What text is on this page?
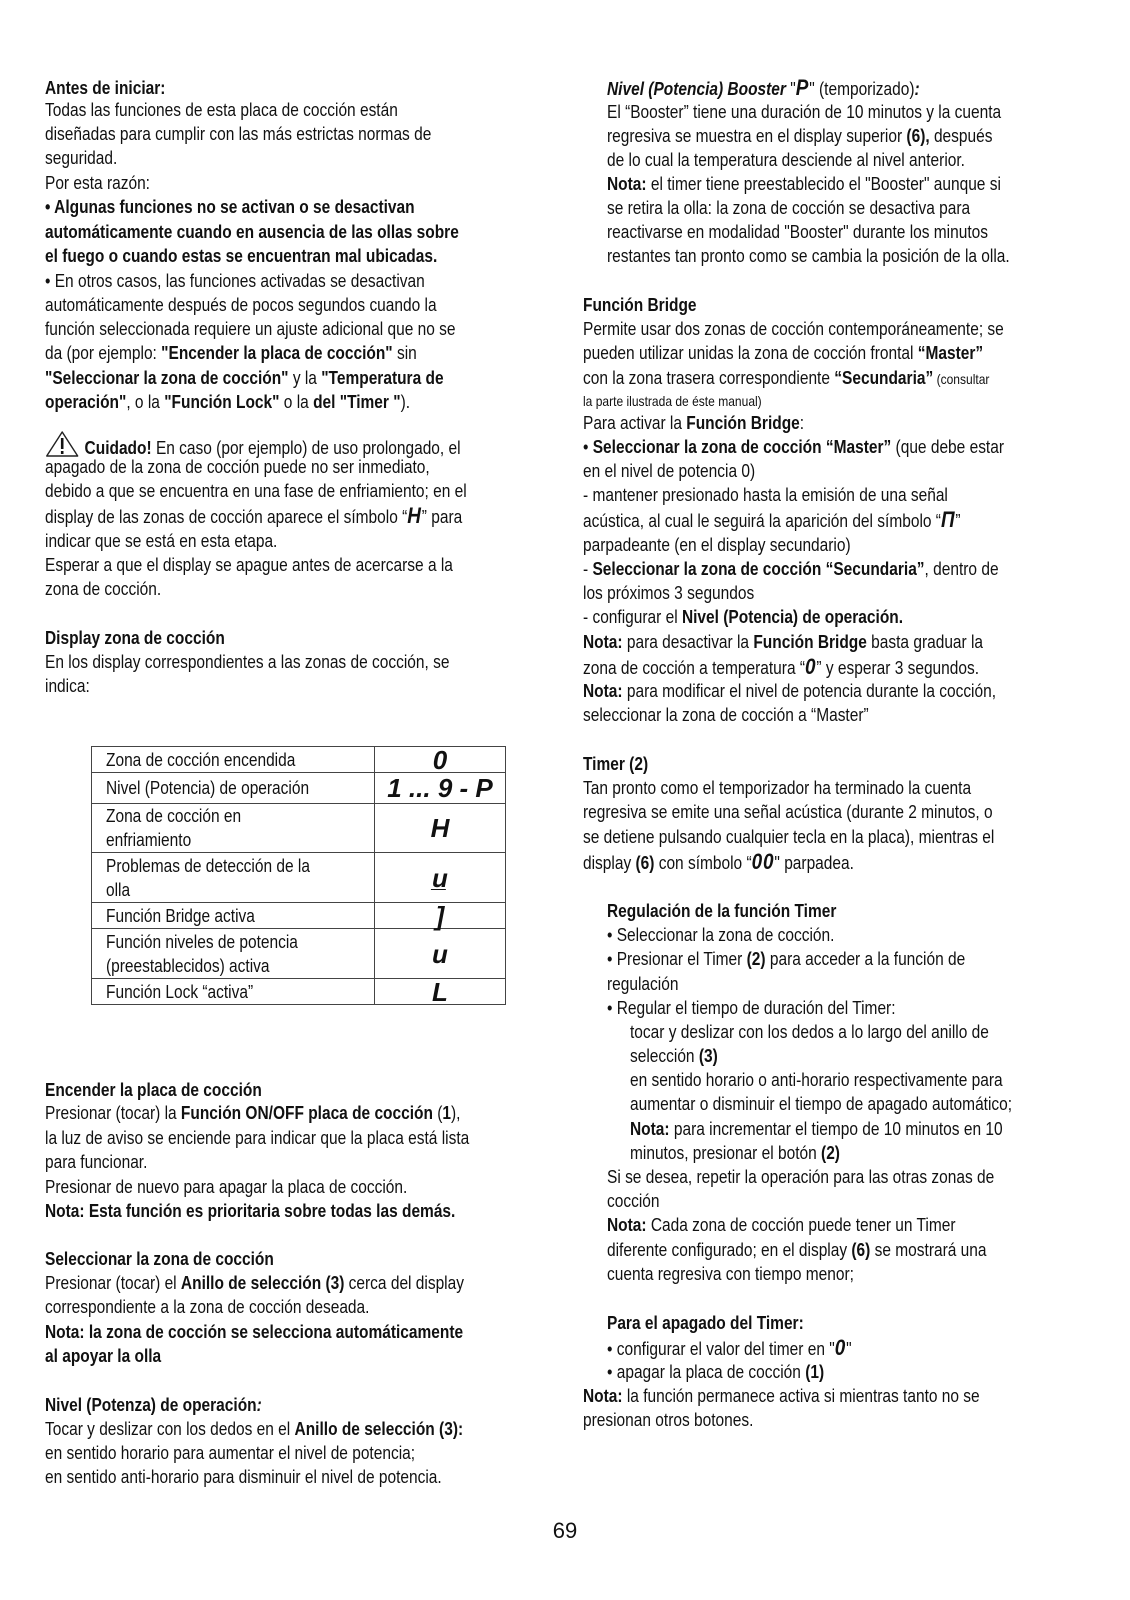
Antes de iniciar:
Todas las funciones de esta placa de cocción están
diseñadas para cumplir con las más estrictas normas de
seguridad.
Por esta razón:
• Algunas funciones no se activan o se desactivan
automáticamente cuando en ausencia de las ollas sobre
el fuego o cuando estas se encuentran mal ubicadas.
• En otros casos, las funciones activadas se desactivan
automáticamente después de pocos segundos cuando la
función seleccionada requiere un ajuste adicional que no se
da (por ejemplo: "Encender la placa de cocción" sin
"Seleccionar la zona de cocción" y la "Temperatura de
operación", o la "Función Lock" o la del "Timer ").
Cuidado! En caso (por ejemplo) de uso prolongado, el
apagado de la zona de cocción puede no ser inmediato,
debido a que se encuentra en una fase de enfriamiento; en el
display de las zonas de cocción aparece el símbolo “H” para
indicar que se está en esta etapa.
Esperar a que el display se apague antes de acercarse a la
zona de cocción.
Display zona de cocción
En los display correspondientes a las zonas de cocción, se
indica:
Encender la placa de cocción
Presionar (tocar) la Función ON/OFF placa de cocción (1),
la luz de aviso se enciende para indicar que la placa está lista
para funcionar.
Presionar de nuevo para apagar la placa de cocción.
Nota: Esta función es prioritaria sobre todas las demás.
Seleccionar la zona de cocción
Presionar (tocar) el Anillo de selección (3) cerca del display
correspondiente a la zona de cocción deseada.
Nota: la zona de cocción se selecciona automáticamente
al apoyar la olla
Nivel (Potenza) de operación:
Tocar y deslizar con los dedos en el Anillo de selección (3):
en sentido horario para aumentar el nivel de potencia;
en sentido anti-horario para disminuir el nivel de potencia.
Nivel (Potencia) Booster "P" (temporizado):
El “Booster” tiene una duración de 10 minutos y la cuenta
regresiva se muestra en el display superior (6), después
de lo cual la temperatura desciende al nivel anterior.
Nota: el timer tiene preestablecido el "Booster" aunque si
se retira la olla: la zona de cocción se desactiva para
reactivarse en modalidad "Booster" durante los minutos
restantes tan pronto como se cambia la posición de la olla.
Función Bridge
Permite usar dos zonas de cocción contemporáneamente; se
pueden utilizar unidas la zona de cocción frontal “Master”
con la zona trasera correspondiente “Secundaria” (consultar
la parte ilustrada de éste manual)
Para activar la Función Bridge:
• Seleccionar la zona de cocción “Master” (que debe estar
en el nivel de potencia 0)
- mantener presionado hasta la emisión de una señal
acústica, al cual le seguirá la aparición del símbolo “Π”
parpadeante (en el display secundario)
- Seleccionar la zona de cocción “Secundaria”, dentro de
los próximos 3 segundos
- configurar el Nivel (Potencia) de operación.
Nota: para desactivar la Función Bridge basta graduar la
zona de cocción a temperatura “0” y esperar 3 segundos.
Nota: para modificar el nivel de potencia durante la cocción,
seleccionar la zona de cocción a “Master”
Timer (2)
Tan pronto como el temporizador ha terminado la cuenta
regresiva se emite una señal acústica (durante 2 minutos, o
se detiene pulsando cualquier tecla en la placa), mientras el
display (6) con símbolo “00" parpadea.
Regulación de la función Timer
• Seleccionar la zona de cocción.
• Presionar el Timer (2) para acceder a la función de
regulación
• Regular el tiempo de duración del Timer:
tocar y deslizar con los dedos a lo largo del anillo de
selección (3)
en sentido horario o anti-horario respectivamente para
aumentar o disminuir el tiempo de apagado automático;
Nota: para incrementar el tiempo de 10 minutos en 10
minutos, presionar el botón (2)
Si se desea, repetir la operación para las otras zonas de
cocción
Nota: Cada zona de cocción puede tener un Timer
diferente configurado; en el display (6) se mostrará una
cuenta regresiva con tiempo menor;
Para el apagado del Timer:
• configurar el valor del timer en "0"
• apagar la placa de cocción (1)
Nota: la función permanece activa si mientras tanto no se
presionan otros botones.
Zona de cocción encendida	0

Nivel (Potencia) de operación	1 ... 9 - P

Zona de cocción en
enfriamiento	H

Problemas de detección de la
olla	u̲

Función Bridge activa	]

Función niveles de potencia
(preestablecidos) activa	u

Función Lock “activa”	L
69
